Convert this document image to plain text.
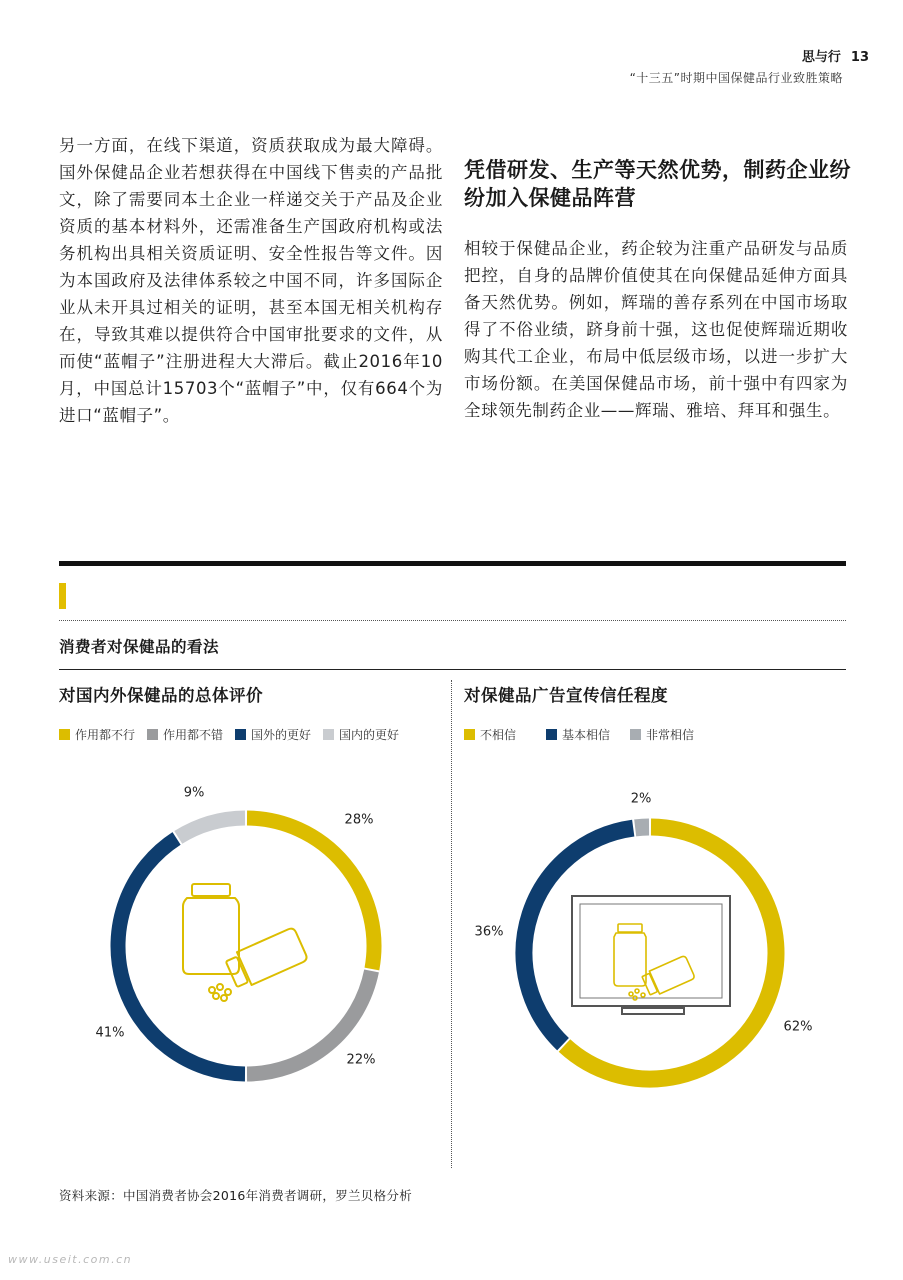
思与行 13
“十三五”时期中国保健品行业致胜策略
另一方面，在线下渠道，资质获取成为最大障碍。国外保健品企业若想获得在中国线下售卖的产品批文，除了需要同本土企业一样递交关于产品及企业资质的基本材料外，还需准备生产国政府机构或法务机构出具相关资质证明、安全性报告等文件。因为本国政府及法律体系较之中国不同，许多国际企业从未开具过相关的证明，甚至本国无相关机构存在，导致其难以提供符合中国审批要求的文件，从而使“蓝帽子”注册进程大大滞后。截止2016年10月，中国总计15703个“蓝帽子”中，仅有664个为进口“蓝帽子”。
凭借研发、生产等天然优势，制药企业纷纷加入保健品阵营
相较于保健品企业，药企较为注重产品研发与品质把控，自身的品牌价值使其在向保健品延伸方面具备天然优势。例如，辉瑞的善存系列在中国市场取得了不俗业绩，跻身前十强，这也促使辉瑞近期收购其代工企业，布局中低层级市场，以进一步扩大市场份额。在美国保健品市场，前十强中有四家为全球领先制药企业——辉瑞、雅培、拜耳和强生。
消费者对保健品的看法
对国内外保健品的总体评价	对保健品广告宣传信任程度
作用都不行 作用都不错 国外的更好 国内的更好	不相信	基本相信	非常相信
28%
22%
41%
9%
62%
36%
2%
资料来源：中国消费者协会2016年消费者调研，罗兰贝格分析
www.useit.com.cn
